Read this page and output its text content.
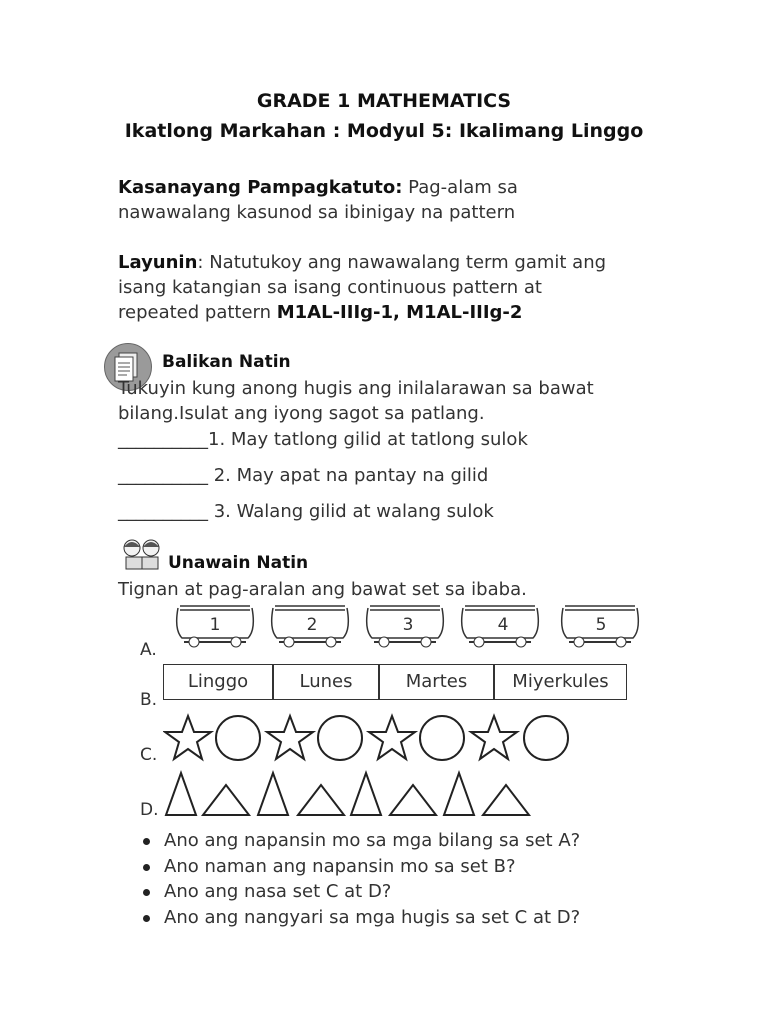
GRADE 1 MATHEMATICS
Ikatlong Markahan : Modyul 5: Ikalimang Linggo
Kasanayang Pampagkatuto: Pag-alam sa
nawawalang kasunod sa ibinigay na pattern
Layunin: Natutukoy ang nawawalang term gamit ang
isang katangian sa isang continuous pattern at
repeated pattern M1AL-IIIg-1, M1AL-IIIg-2
Balikan Natin
Tukuyin kung anong hugis ang inilalarawan sa bawat
bilang.Isulat ang iyong sagot sa patlang.
__________1. May tatlong gilid at tatlong sulok
__________ 2. May apat na pantay na gilid
__________ 3. Walang gilid at walang sulok
Unawain Natin
Tignan at pag-aralan ang bawat set sa ibaba.
A.
B.
C.
D.
1	2	3	4	5
Linggo	Lunes	Martes	Miyerkules
Ano ang napansin mo sa mga bilang sa set A?
Ano naman ang napansin mo sa set B?
Ano ang nasa set C at D?
Ano ang nangyari sa mga hugis sa set C at D?
